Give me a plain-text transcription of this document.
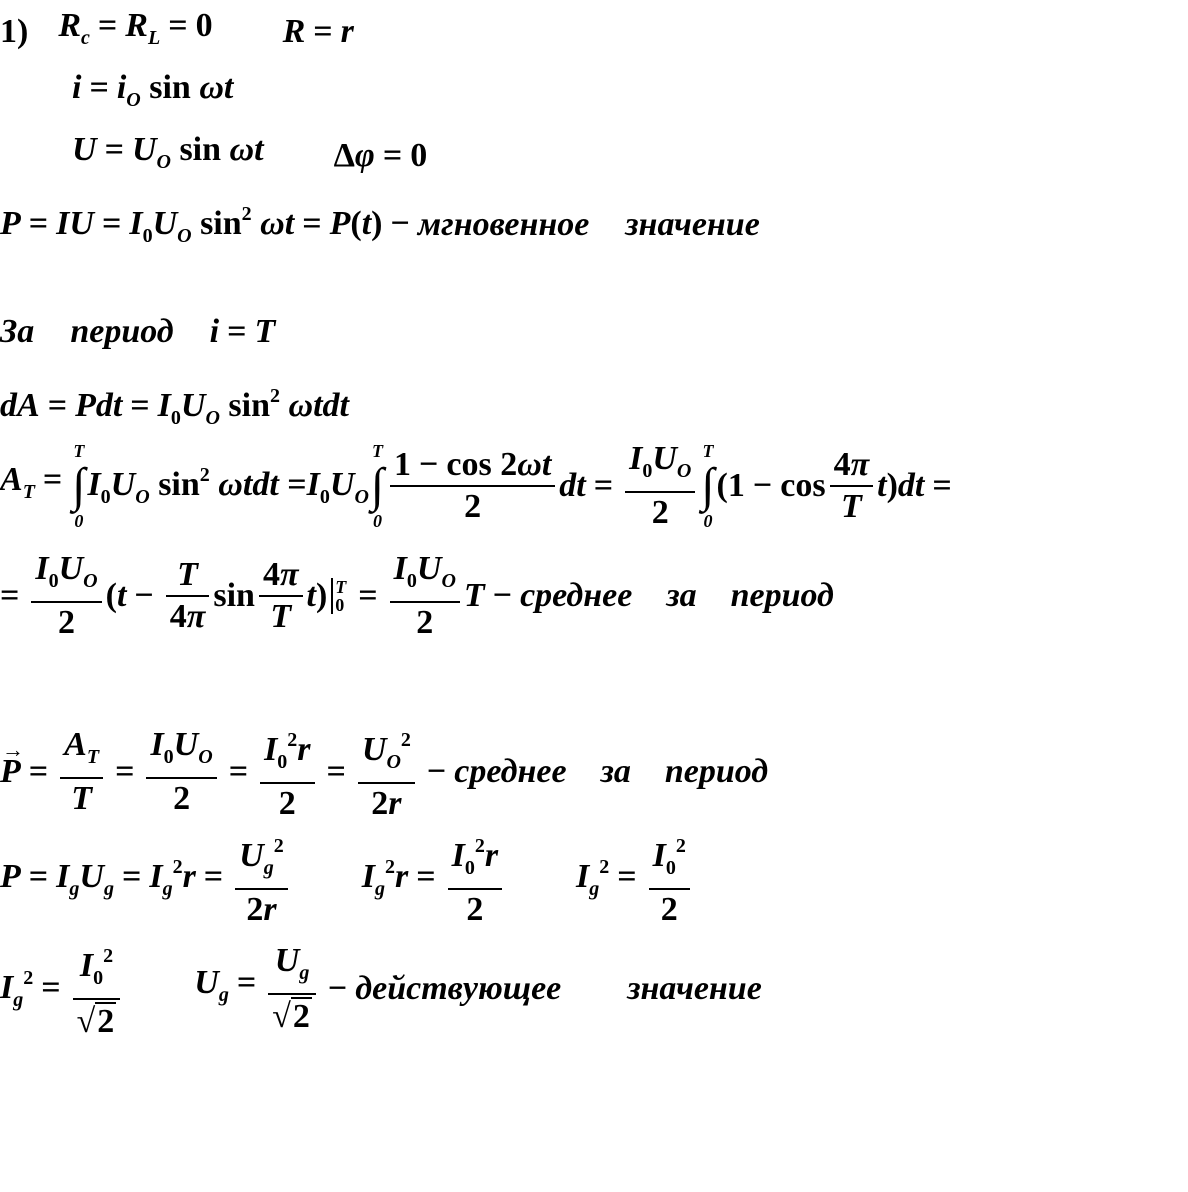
1) $R_c = R_L = 0$ R = r
$i = i_O$ sin ωt
$U = U_O$ sin ωt Δφ = 0
P = IU = $I_0U_O$ $\sin^2 \omega t = P(t)$ − мгновенное значение
За период i = T
dA = Pdt = $I_0U_O$ $\sin^2 \omega tdt$
$A_T$ =
T
∫
0
$I_0U_O$ $\sin^2 \omega tdt =I_0U_O$
T
∫
$0 \frac{1 - \cos 2\omega t}{2}$ dt = $\frac{I_0U_O}{2}$ T
∫
0
$(1 - \cos \frac{4\pi}{T} t)dt$ =
= $\frac{I_0U_O}{2} (t - \frac{T}{4\pi}$ $\sin \frac{4\pi}{T}$ t ) T
$0 = \frac{I_0U_O}{2}$ T − среднее за период
→ $P = \frac{A_T}{T} = \frac{I_0U_O}{2} = \frac{I_0^2r}{2} = \frac{U_O^2}{2r}$ − среднее за период
$P = I_gU_g = I_g^2r = \frac{U_g^2}{2r} I_g^2r = \frac{I_0^2r}{2} I_g^2 = \frac{I_0^2}{2}$
$I_g^2 = \frac{I_0^2}{√ 2} U_g = \frac{U_g}{√ 2}$ − действующее значение
